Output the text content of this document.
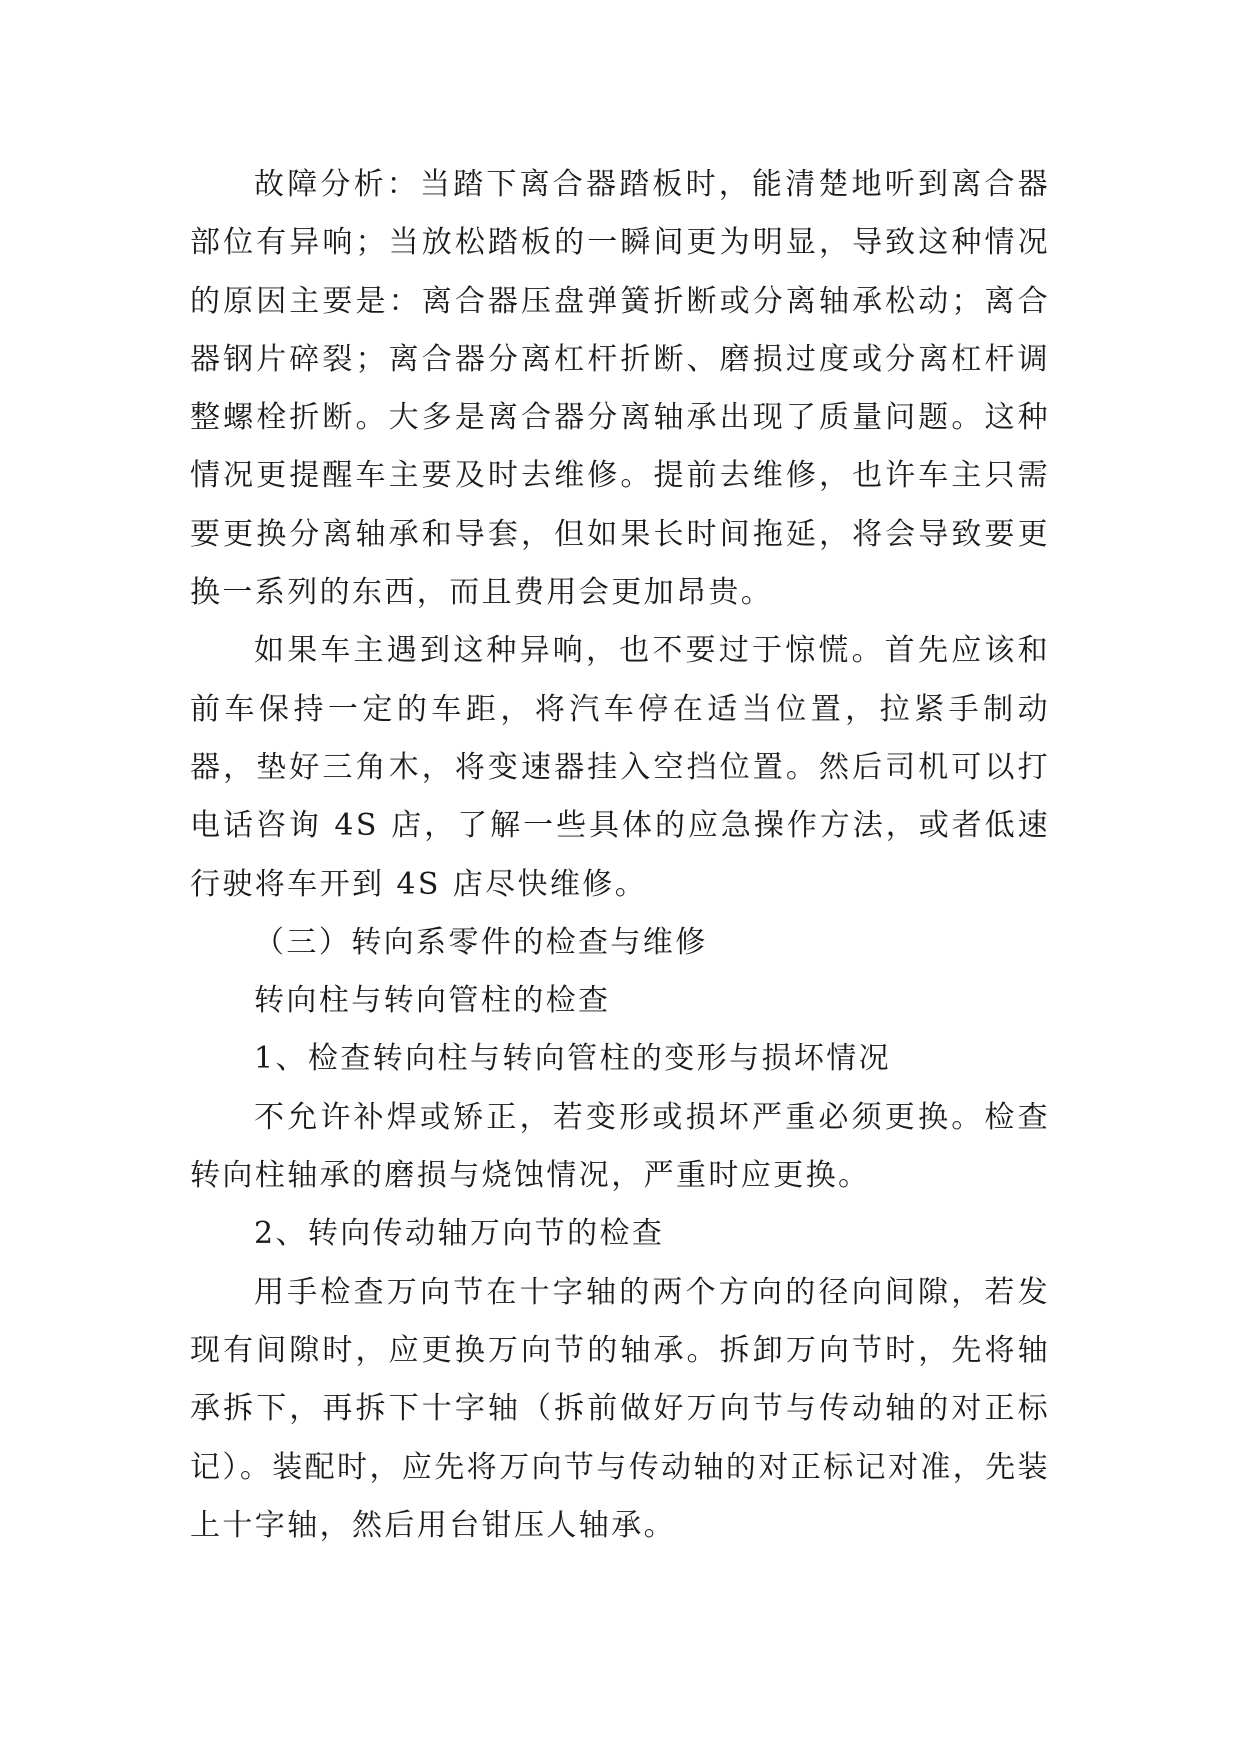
故障分析：当踏下离合器踏板时，能清楚地听到离合器部位有异响；当放松踏板的一瞬间更为明显，导致这种情况的原因主要是：离合器压盘弹簧折断或分离轴承松动；离合器钢片碎裂；离合器分离杠杆折断、磨损过度或分离杠杆调整螺栓折断。大多是离合器分离轴承出现了质量问题。这种情况更提醒车主要及时去维修。提前去维修，也许车主只需要更换分离轴承和导套，但如果长时间拖延，将会导致要更换一系列的东西，而且费用会更加昂贵。

如果车主遇到这种异响，也不要过于惊慌。首先应该和前车保持一定的车距，将汽车停在适当位置，拉紧手制动器，垫好三角木，将变速器挂入空挡位置。然后司机可以打电话咨询 4S 店，了解一些具体的应急操作方法，或者低速行驶将车开到 4S 店尽快维修。

（三）转向系零件的检查与维修

转向柱与转向管柱的检查

1、检查转向柱与转向管柱的变形与损坏情况

不允许补焊或矫正，若变形或损坏严重必须更换。检查转向柱轴承的磨损与烧蚀情况，严重时应更换。

2、转向传动轴万向节的检查

用手检查万向节在十字轴的两个方向的径向间隙，若发现有间隙时，应更换万向节的轴承。拆卸万向节时，先将轴承拆下，再拆下十字轴（拆前做好万向节与传动轴的对正标记）。装配时，应先将万向节与传动轴的对正标记对准，先装上十字轴，然后用台钳压人轴承。
